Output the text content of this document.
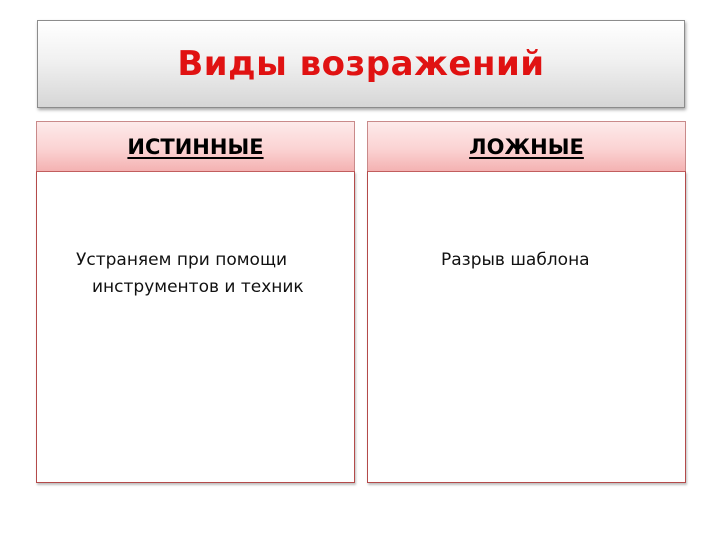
Виды возражений
ИСТИННЫЕ
Устраняем при помощи
инструментов и техник
ЛОЖНЫЕ
Разрыв шаблона
